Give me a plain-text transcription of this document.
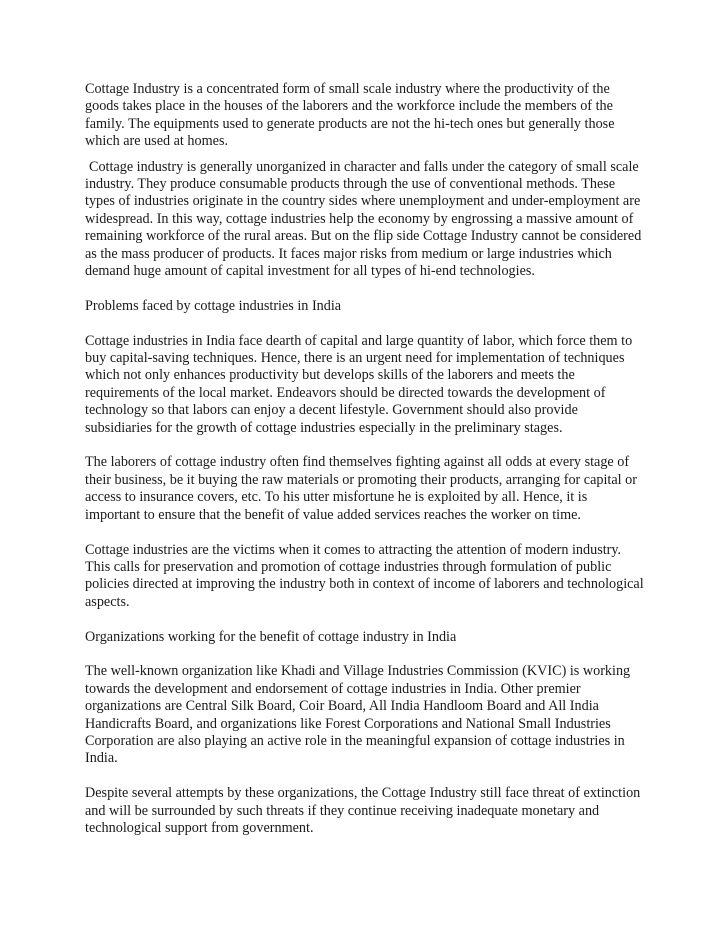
Cottage Industry is a concentrated form of small scale industry where the productivity of the goods takes place in the houses of the laborers and the workforce include the members of the family. The equipments used to generate products are not the hi-tech ones but generally those which are used at homes.

Cottage industry is generally unorganized in character and falls under the category of small scale industry. They produce consumable products through the use of conventional methods. These types of industries originate in the country sides where unemployment and under-employment are widespread. In this way, cottage industries help the economy by engrossing a massive amount of remaining workforce of the rural areas. But on the flip side Cottage Industry cannot be considered as the mass producer of products. It faces major risks from medium or large industries which demand huge amount of capital investment for all types of hi-end technologies.

Problems faced by cottage industries in India

Cottage industries in India face dearth of capital and large quantity of labor, which force them to buy capital-saving techniques. Hence, there is an urgent need for implementation of techniques which not only enhances productivity but develops skills of the laborers and meets the requirements of the local market. Endeavors should be directed towards the development of technology so that labors can enjoy a decent lifestyle. Government should also provide subsidiaries for the growth of cottage industries especially in the preliminary stages.

The laborers of cottage industry often find themselves fighting against all odds at every stage of their business, be it buying the raw materials or promoting their products, arranging for capital or access to insurance covers, etc. To his utter misfortune he is exploited by all. Hence, it is important to ensure that the benefit of value added services reaches the worker on time.

Cottage industries are the victims when it comes to attracting the attention of modern industry. This calls for preservation and promotion of cottage industries through formulation of public policies directed at improving the industry both in context of income of laborers and technological aspects.

Organizations working for the benefit of cottage industry in India

The well-known organization like Khadi and Village Industries Commission (KVIC) is working towards the development and endorsement of cottage industries in India. Other premier organizations are Central Silk Board, Coir Board, All India Handloom Board and All India Handicrafts Board, and organizations like Forest Corporations and National Small Industries Corporation are also playing an active role in the meaningful expansion of cottage industries in India.

Despite several attempts by these organizations, the Cottage Industry still face threat of extinction and will be surrounded by such threats if they continue receiving inadequate monetary and technological support from government.
